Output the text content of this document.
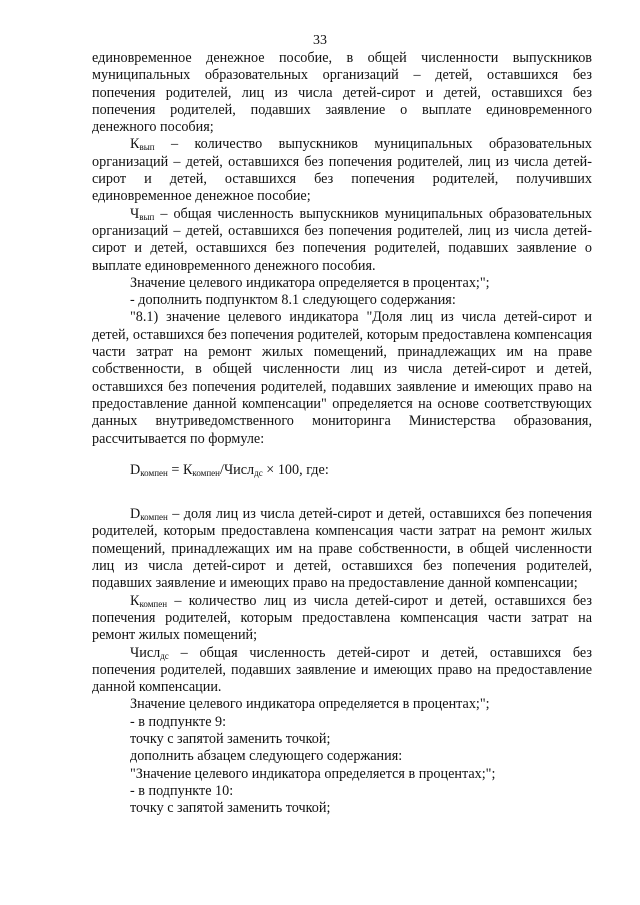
33

единовременное денежное пособие, в общей численности выпускников муниципальных образовательных организаций – детей, оставшихся без попечения родителей, лиц из числа детей-сирот и детей, оставшихся без попечения родителей, подавших заявление о выплате единовременного денежного пособия;

$К_{вып}$ – количество выпускников муниципальных образовательных организаций – детей, оставшихся без попечения родителей, лиц из числа детей-сирот и детей, оставшихся без попечения родителей, получивших единовременное денежное пособие;

$Ч_{вып}$ – общая численность выпускников муниципальных образовательных организаций – детей, оставшихся без попечения родителей, лиц из числа детей-сирот и детей, оставшихся без попечения родителей, подавших заявление о выплате единовременного денежного пособия.

Значение целевого индикатора определяется в процентах;";

- дополнить подпунктом 8.1 следующего содержания:

"8.1) значение целевого индикатора "Доля лиц из числа детей-сирот и детей, оставшихся без попечения родителей, которым предоставлена компенсация части затрат на ремонт жилых помещений, принадлежащих им на праве собственности, в общей численности лиц из числа детей-сирот и детей, оставшихся без попечения родителей, подавших заявление и имеющих право на предоставление данной компенсации" определяется на основе соответствующих данных внутриведомственного мониторинга Министерства образования, рассчитывается по формуле:

$D_{компен}$ = $К_{компен}/Числ_{дс} \times 100$, где:

$D_{компен}$ – доля лиц из числа детей-сирот и детей, оставшихся без попечения родителей, которым предоставлена компенсация части затрат на ремонт жилых помещений, принадлежащих им на праве собственности, в общей численности лиц из числа детей-сирот и детей, оставшихся без попечения родителей, подавших заявление и имеющих право на предоставление данной компенсации;

$К_{компен}$ – количество лиц из числа детей-сирот и детей, оставшихся без попечения родителей, которым предоставлена компенсация части затрат на ремонт жилых помещений;

Числ$_{дс}$ – общая численность детей-сирот и детей, оставшихся без попечения родителей, подавших заявление и имеющих право на предоставление данной компенсации.

Значение целевого индикатора определяется в процентах;";

- в подпункте 9:

точку с запятой заменить точкой;

дополнить абзацем следующего содержания:

"Значение целевого индикатора определяется в процентах;";

- в подпункте 10:

точку с запятой заменить точкой;
